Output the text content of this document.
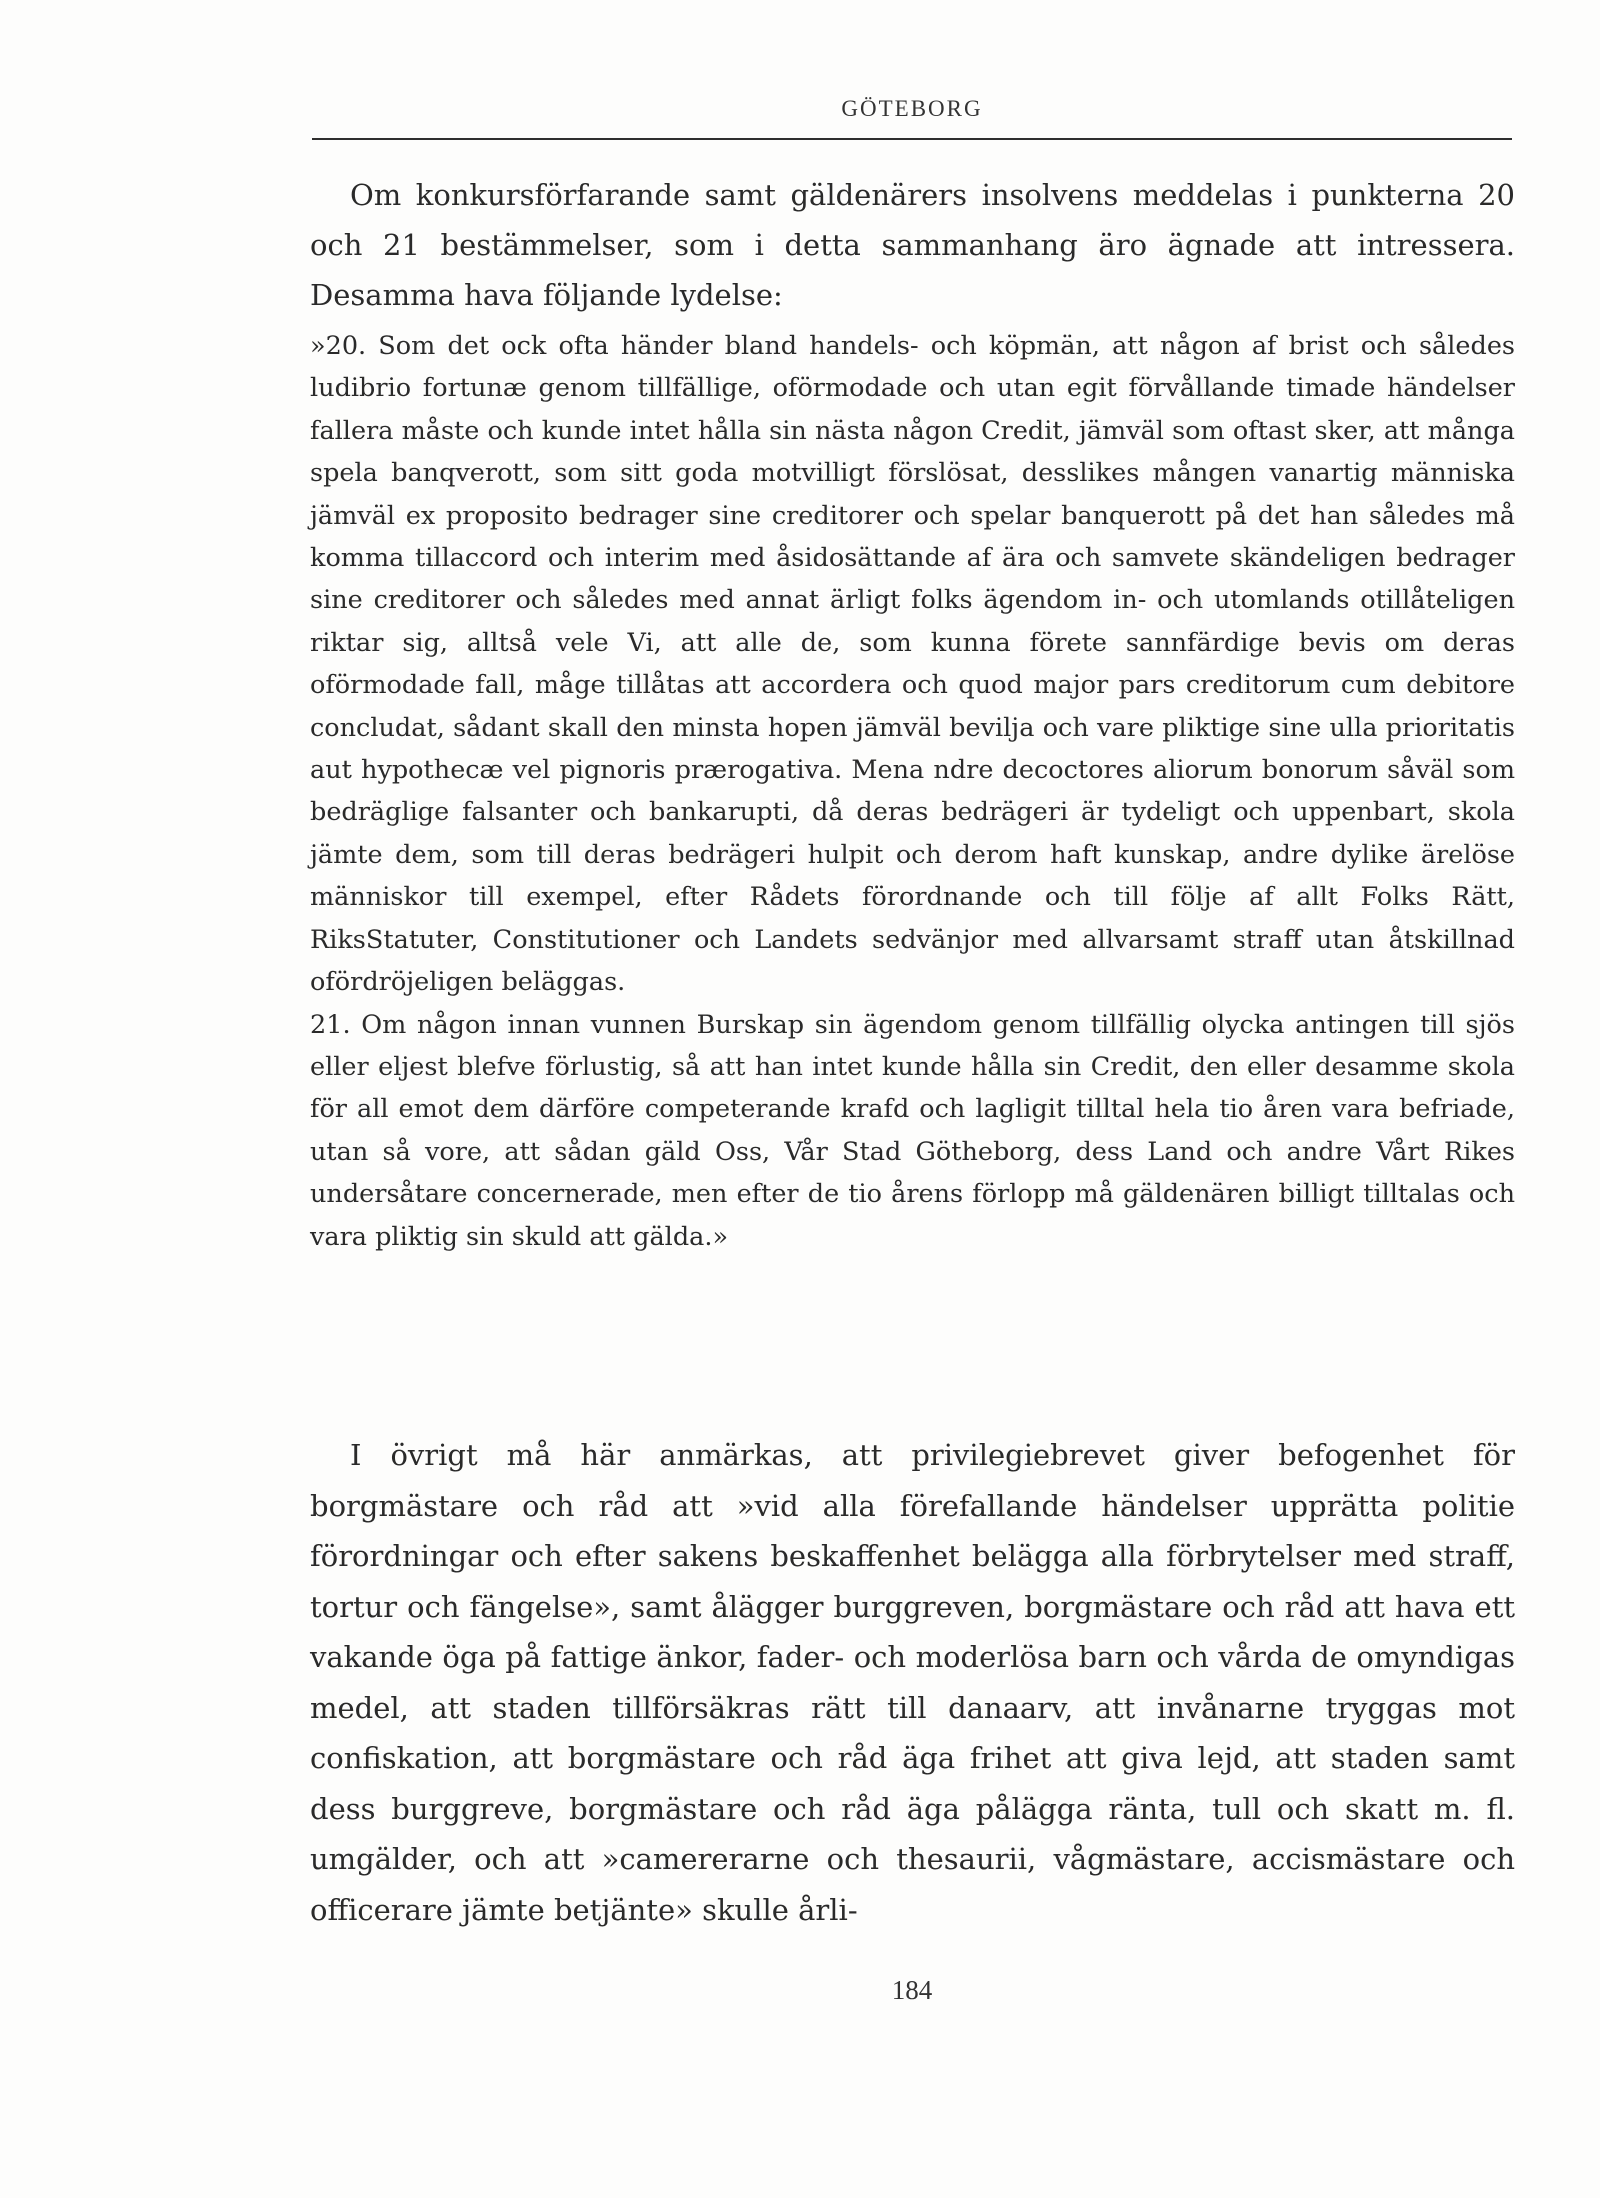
GÖTEBORG

Om konkursförfarande samt gäldenärers insolvens meddelas i punkterna 20 och 21 bestämmelser, som i detta sammanhang äro ägnade att intressera. Desamma hava följande lydelse:

»20. Som det ock ofta händer bland handels- och köpmän, att någon af brist och således ludibrio fortunæ genom tillfällige, oförmodade och utan egit förvållande timade händelser fallera måste och kunde intet hålla sin nästa någon Credit, jämväl som oftast sker, att många spela banqverott, som sitt goda motvilligt förslösat, desslikes mången vanartig människa jämväl ex proposito bedrager sine creditorer och spelar banquerott på det han således må komma tillaccord och interim med åsidosättande af ära och samvete skändeligen bedrager sine creditorer och således med annat ärligt folks ägendom in- och utomlands otillåteligen riktar sig, alltså vele Vi, att alle de, som kunna förete sannfärdige bevis om deras oförmodade fall, måge tillåtas att accordera och quod major pars creditorum cum debitore concludat, sådant skall den minsta hopen jämväl bevilja och vare pliktige sine ulla prioritatis aut hypothecæ vel pignoris prærogativa. Mena ndre decoctores aliorum bonorum såväl som bedräglige falsanter och bankarupti, då deras bedrägeri är tydeligt och uppenbart, skola jämte dem, som till deras bedrägeri hulpit och derom haft kunskap, andre dylike ärelöse människor till exempel, efter Rådets förordnande och till följe af allt Folks Rätt, RiksStatuter, Constitutioner och Landets sedvänjor med allvarsamt straff utan åtskillnad ofördröjeligen beläggas.

21. Om någon innan vunnen Burskap sin ägendom genom tillfällig olycka antingen till sjös eller eljest blefve förlustig, så att han intet kunde hålla sin Credit, den eller desamme skola för all emot dem därföre competerande krafd och lagligit tilltal hela tio åren vara befriade, utan så vore, att sådan gäld Oss, Vår Stad Götheborg, dess Land och andre Vårt Rikes undersåtare concernerade, men efter de tio årens förlopp må gäldenären billigt tilltalas och vara pliktig sin skuld att gälda.»

I övrigt må här anmärkas, att privilegiebrevet giver befogenhet för borgmästare och råd att »vid alla förefallande händelser upprätta politie förordningar och efter sakens beskaffenhet belägga alla förbrytelser med straff, tortur och fängelse», samt ålägger burggreven, borgmästare och råd att hava ett vakande öga på fattige änkor, fader- och moderlösa barn och vårda de omyndigas medel, att staden tillförsäkras rätt till danaarv, att invånarne tryggas mot confiskation, att borgmästare och råd äga frihet att giva lejd, att staden samt dess burggreve, borgmästare och råd äga pålägga ränta, tull och skatt m. fl. umgälder, och att »camererarne och thesaurii, vågmästare, accismästare och officerare jämte betjänte» skulle årli-

184
